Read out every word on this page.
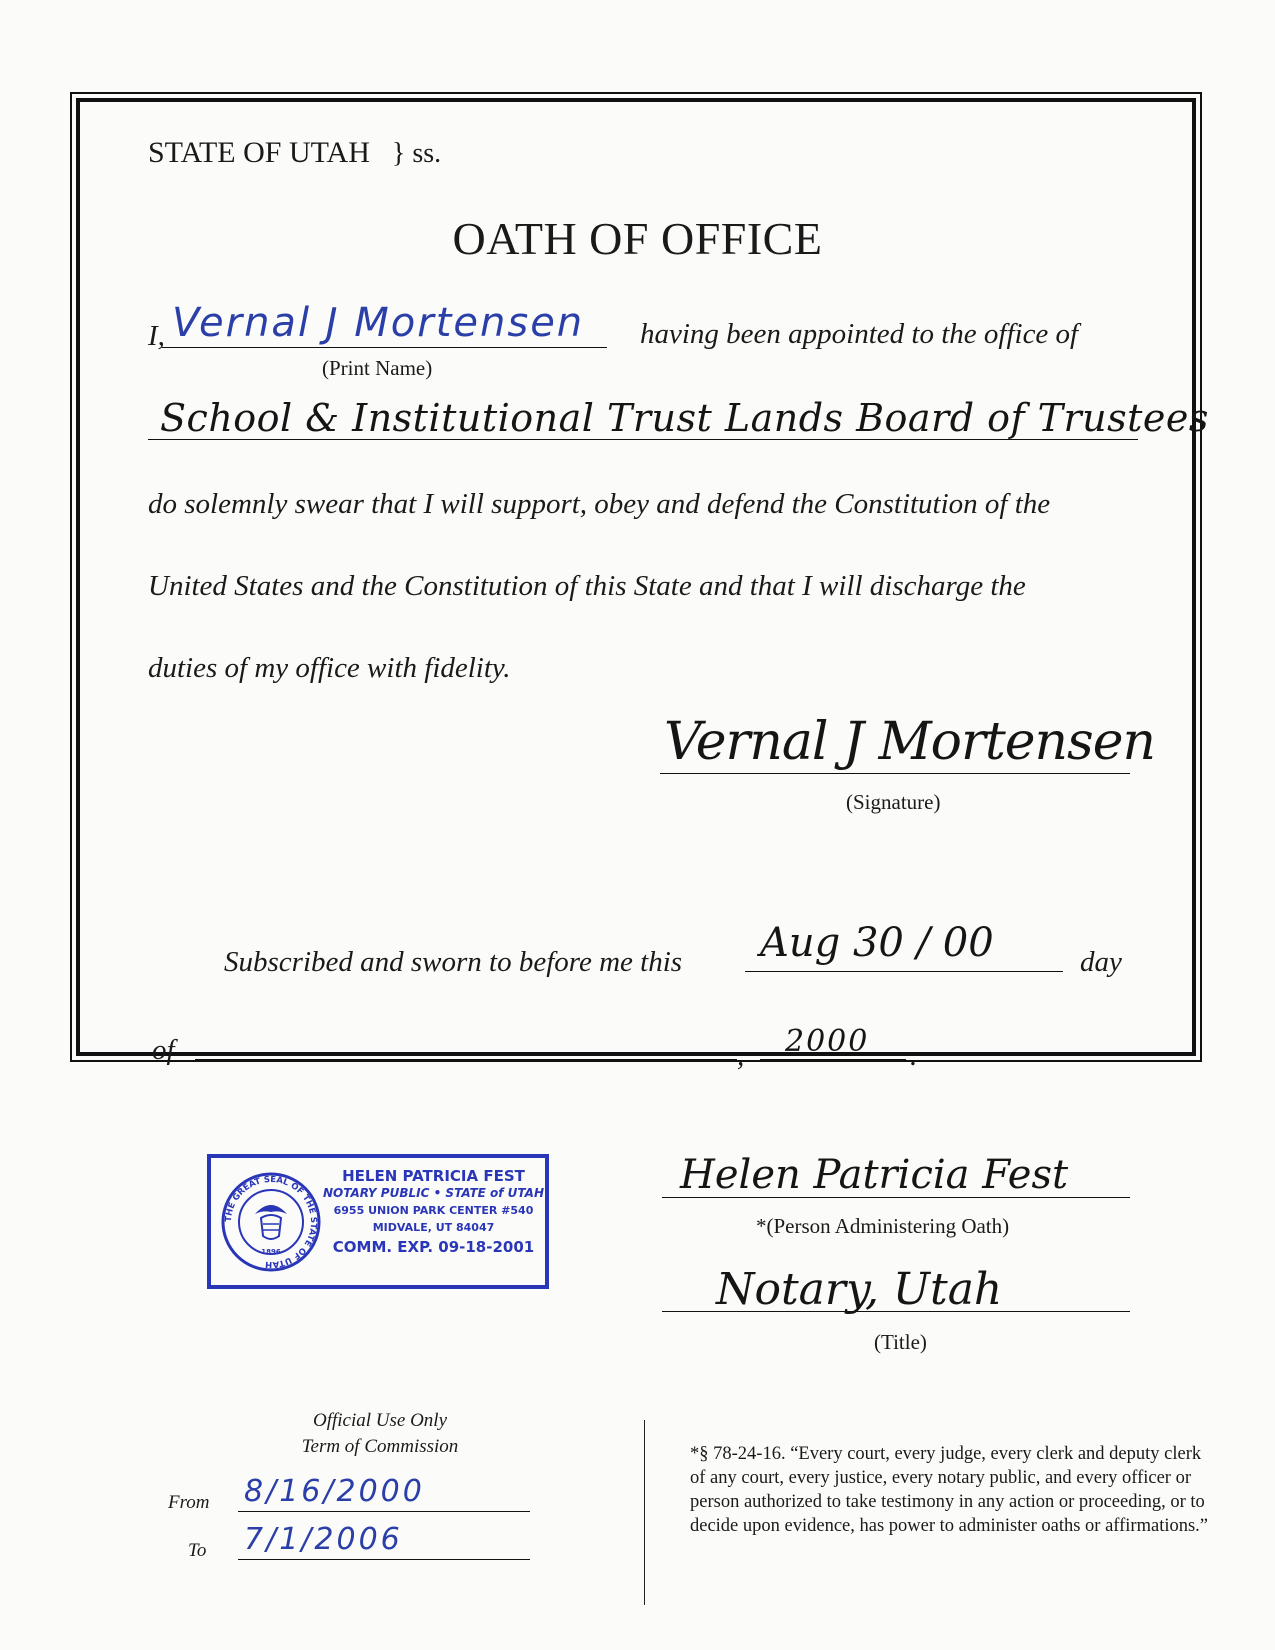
STATE OF UTAH } ss.
OATH OF OFFICE
I, Vernal J Mortensen
(Print Name)
having been appointed to the office of
School & Institutional Trust Lands Board of Trustees
do solemnly swear that I will support, obey and defend the Constitution of the
United States and the Constitution of this State and that I will discharge the
duties of my office with fidelity.
Vernal J Mortensen
(Signature)
Subscribed and sworn to before me this Aug 30 / 00	day
of	, 2000 .
THE GREAT SEAL OF THE STATE OF UTAH
1896
HELEN PATRICIA FEST
NOTARY PUBLIC • STATE of UTAH
6955 UNION PARK CENTER #540
MIDVALE, UT 84047
COMM. EXP. 09-18-2001
Helen Patricia Fest
*(Person Administering Oath)
Notary, Utah
(Title)
Official Use Only
Term of Commission
From 8/16/2000
To 7/1/2006
*§ 78-24-16. “Every court, every judge, every clerk and deputy clerk of any court, every justice, every notary public, and every officer or person authorized to take testimony in any action or proceeding, or to decide upon evidence, has power to administer oaths or affirmations.”
